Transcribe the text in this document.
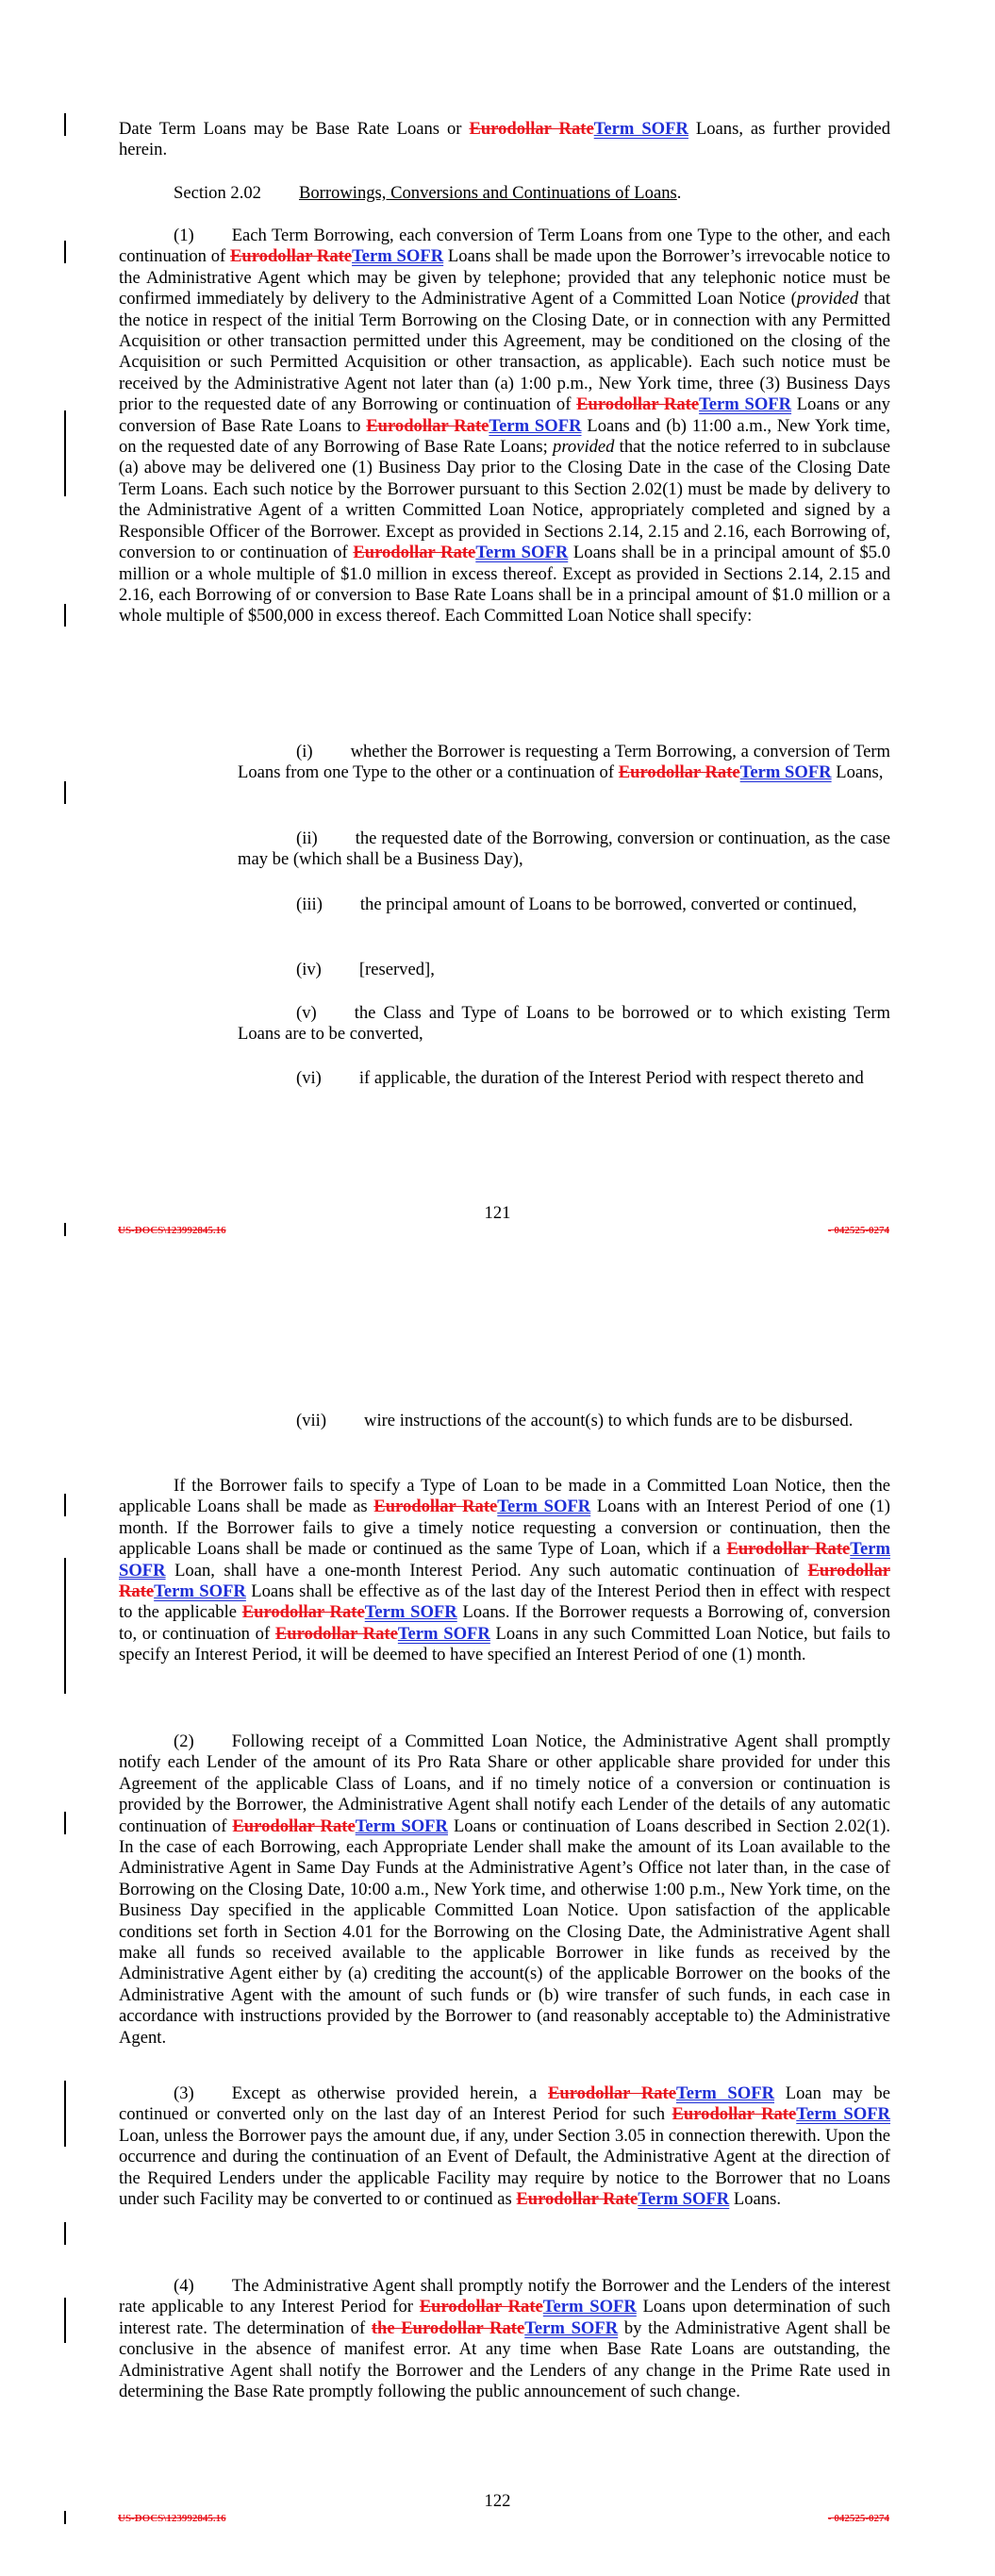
Date Term Loans may be Base Rate Loans or Eurodollar RateTerm SOFR Loans, as further provided herein.

Section 2.02 Borrowings, Conversions and Continuations of Loans.

(1) Each Term Borrowing, each conversion of Term Loans from one Type to the other, and each continuation of Eurodollar RateTerm SOFR Loans shall be made upon the Borrower’s irrevocable notice to the Administrative Agent which may be given by telephone; provided that any telephonic notice must be confirmed immediately by delivery to the Administrative Agent of a Committed Loan Notice (provided that the notice in respect of the initial Term Borrowing on the Closing Date, or in connection with any Permitted Acquisition or other transaction permitted under this Agreement, may be conditioned on the closing of the Acquisition or such Permitted Acquisition or other transaction, as applicable). Each such notice must be received by the Administrative Agent not later than (a) 1:00 p.m., New York time, three (3) Business Days prior to the requested date of any Borrowing or continuation of Eurodollar RateTerm SOFR Loans or any conversion of Base Rate Loans to Eurodollar RateTerm SOFR Loans and (b) 11:00 a.m., New York time, on the requested date of any Borrowing of Base Rate Loans; provided that the notice referred to in subclause (a) above may be delivered one (1) Business Day prior to the Closing Date in the case of the Closing Date Term Loans. Each such notice by the Borrower pursuant to this Section 2.02(1) must be made by delivery to the Administrative Agent of a written Committed Loan Notice, appropriately completed and signed by a Responsible Officer of the Borrower. Except as provided in Sections 2.14, 2.15 and 2.16, each Borrowing of, conversion to or continuation of Eurodollar RateTerm SOFR Loans shall be in a principal amount of $5.0 million or a whole multiple of $1.0 million in excess thereof. Except as provided in Sections 2.14, 2.15 and 2.16, each Borrowing of or conversion to Base Rate Loans shall be in a principal amount of $1.0 million or a whole multiple of $500,000 in excess thereof. Each Committed Loan Notice shall specify:

(i) whether the Borrower is requesting a Term Borrowing, a conversion of Term Loans from one Type to the other or a continuation of Eurodollar RateTerm SOFR Loans,

(ii) the requested date of the Borrowing, conversion or continuation, as the case may be (which shall be a Business Day),

(iii) the principal amount of Loans to be borrowed, converted or continued,

(iv) [reserved],

(v) the Class and Type of Loans to be borrowed or to which existing Term Loans are to be converted,

(vi) if applicable, the duration of the Interest Period with respect thereto and

121
US-DOCS\123992845.16	- 042525-0274

(vii) wire instructions of the account(s) to which funds are to be disbursed.

If the Borrower fails to specify a Type of Loan to be made in a Committed Loan Notice, then the applicable Loans shall be made as Eurodollar RateTerm SOFR Loans with an Interest Period of one (1) month. If the Borrower fails to give a timely notice requesting a conversion or continuation, then the applicable Loans shall be made or continued as the same Type of Loan, which if a Eurodollar RateTerm SOFR Loan, shall have a one-month Interest Period. Any such automatic continuation of Eurodollar RateTerm SOFR Loans shall be effective as of the last day of the Interest Period then in effect with respect to the applicable Eurodollar RateTerm SOFR Loans. If the Borrower requests a Borrowing of, conversion to, or continuation of Eurodollar RateTerm SOFR Loans in any such Committed Loan Notice, but fails to specify an Interest Period, it will be deemed to have specified an Interest Period of one (1) month.

(2) Following receipt of a Committed Loan Notice, the Administrative Agent shall promptly notify each Lender of the amount of its Pro Rata Share or other applicable share provided for under this Agreement of the applicable Class of Loans, and if no timely notice of a conversion or continuation is provided by the Borrower, the Administrative Agent shall notify each Lender of the details of any automatic continuation of Eurodollar RateTerm SOFR Loans or continuation of Loans described in Section 2.02(1). In the case of each Borrowing, each Appropriate Lender shall make the amount of its Loan available to the Administrative Agent in Same Day Funds at the Administrative Agent’s Office not later than, in the case of Borrowing on the Closing Date, 10:00 a.m., New York time, and otherwise 1:00 p.m., New York time, on the Business Day specified in the applicable Committed Loan Notice. Upon satisfaction of the applicable conditions set forth in Section 4.01 for the Borrowing on the Closing Date, the Administrative Agent shall make all funds so received available to the applicable Borrower in like funds as received by the Administrative Agent either by (a) crediting the account(s) of the applicable Borrower on the books of the Administrative Agent with the amount of such funds or (b) wire transfer of such funds, in each case in accordance with instructions provided by the Borrower to (and reasonably acceptable to) the Administrative Agent.

(3) Except as otherwise provided herein, a Eurodollar RateTerm SOFR Loan may be continued or converted only on the last day of an Interest Period for such Eurodollar RateTerm SOFR Loan, unless the Borrower pays the amount due, if any, under Section 3.05 in connection therewith. Upon the occurrence and during the continuation of an Event of Default, the Administrative Agent at the direction of the Required Lenders under the applicable Facility may require by notice to the Borrower that no Loans under such Facility may be converted to or continued as Eurodollar RateTerm SOFR Loans.

(4) The Administrative Agent shall promptly notify the Borrower and the Lenders of the interest rate applicable to any Interest Period for Eurodollar RateTerm SOFR Loans upon determination of such interest rate. The determination of the Eurodollar RateTerm SOFR by the Administrative Agent shall be conclusive in the absence of manifest error. At any time when Base Rate Loans are outstanding, the Administrative Agent shall notify the Borrower and the Lenders of any change in the Prime Rate used in determining the Base Rate promptly following the public announcement of such change.

122
US-DOCS\123992845.16	- 042525-0274
